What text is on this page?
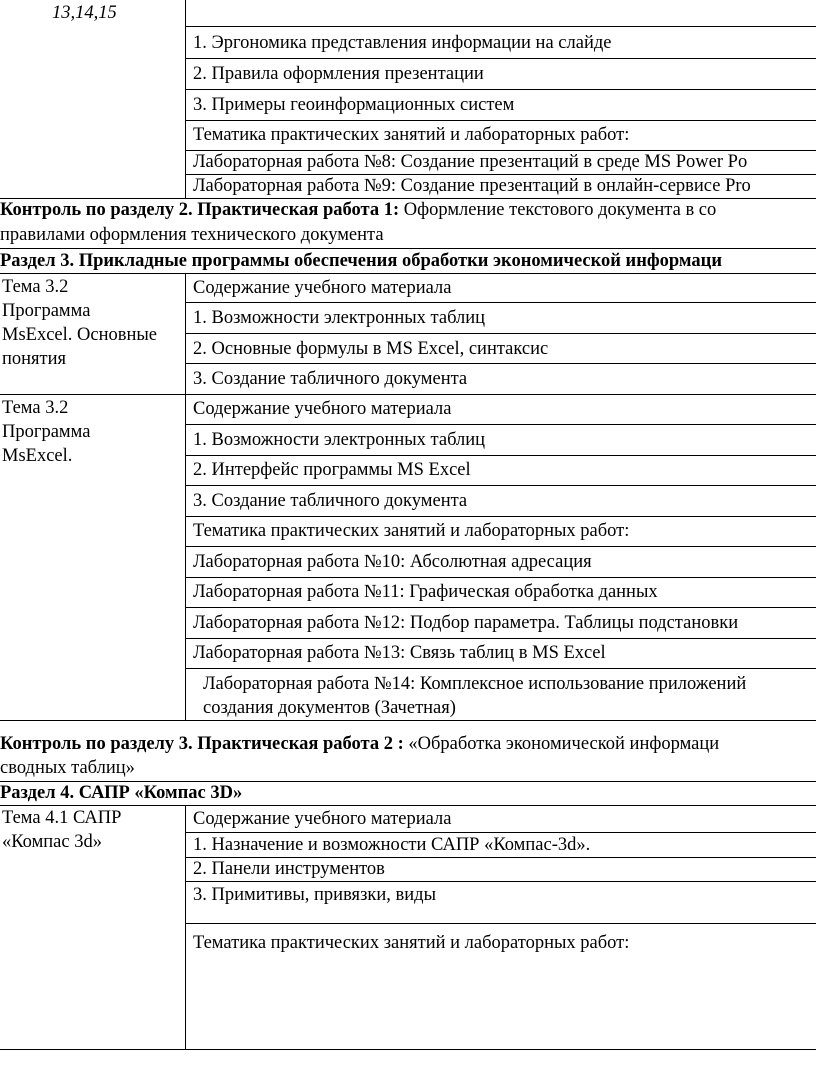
13,14,15
1. Эргономика представления информации на слайде
2. Правила оформления презентации
3. Примеры геоинформационных систем
Тематика практических занятий и лабораторных работ:
Лабораторная работа №8: Создание презентаций в среде MS Power Po
Лабораторная работа №9: Создание презентаций в онлайн-сервисе Pro
Контроль по разделу 2. Практическая работа 1: Оформление текстового документа в со
правилами оформления технического документа
Раздел 3. Прикладные программы обеспечения обработки экономической информаци
Тема 3.2
Программа
MsExcel. Основные
понятия
Содержание учебного материала
1. Возможности электронных таблиц
2. Основные формулы в MS Excel, синтаксис
3. Создание табличного документа
Тема 3.2
Программа
MsExcel.
Содержание учебного материала
1. Возможности электронных таблиц
2. Интерфейс программы MS Excel
3. Создание табличного документа
Тематика практических занятий и лабораторных работ:
Лабораторная работа №10: Абсолютная адресация
Лабораторная работа №11: Графическая обработка данных
Лабораторная работа №12: Подбор параметра. Таблицы подстановки
Лабораторная работа №13: Связь таблиц в MS Excel
Лабораторная работа №14: Комплексное использование приложений
создания документов (Зачетная)
Контроль по разделу 3. Практическая работа 2 : «Обработка экономической информаци
сводных таблиц»
Раздел 4. САПР «Компас 3D»
Тема 4.1 САПР
«Компас 3d»
Содержание учебного материала
1. Назначение и возможности САПР «Компас-3d».
2. Панели инструментов
3. Примитивы, привязки, виды
Тематика практических занятий и лабораторных работ:
